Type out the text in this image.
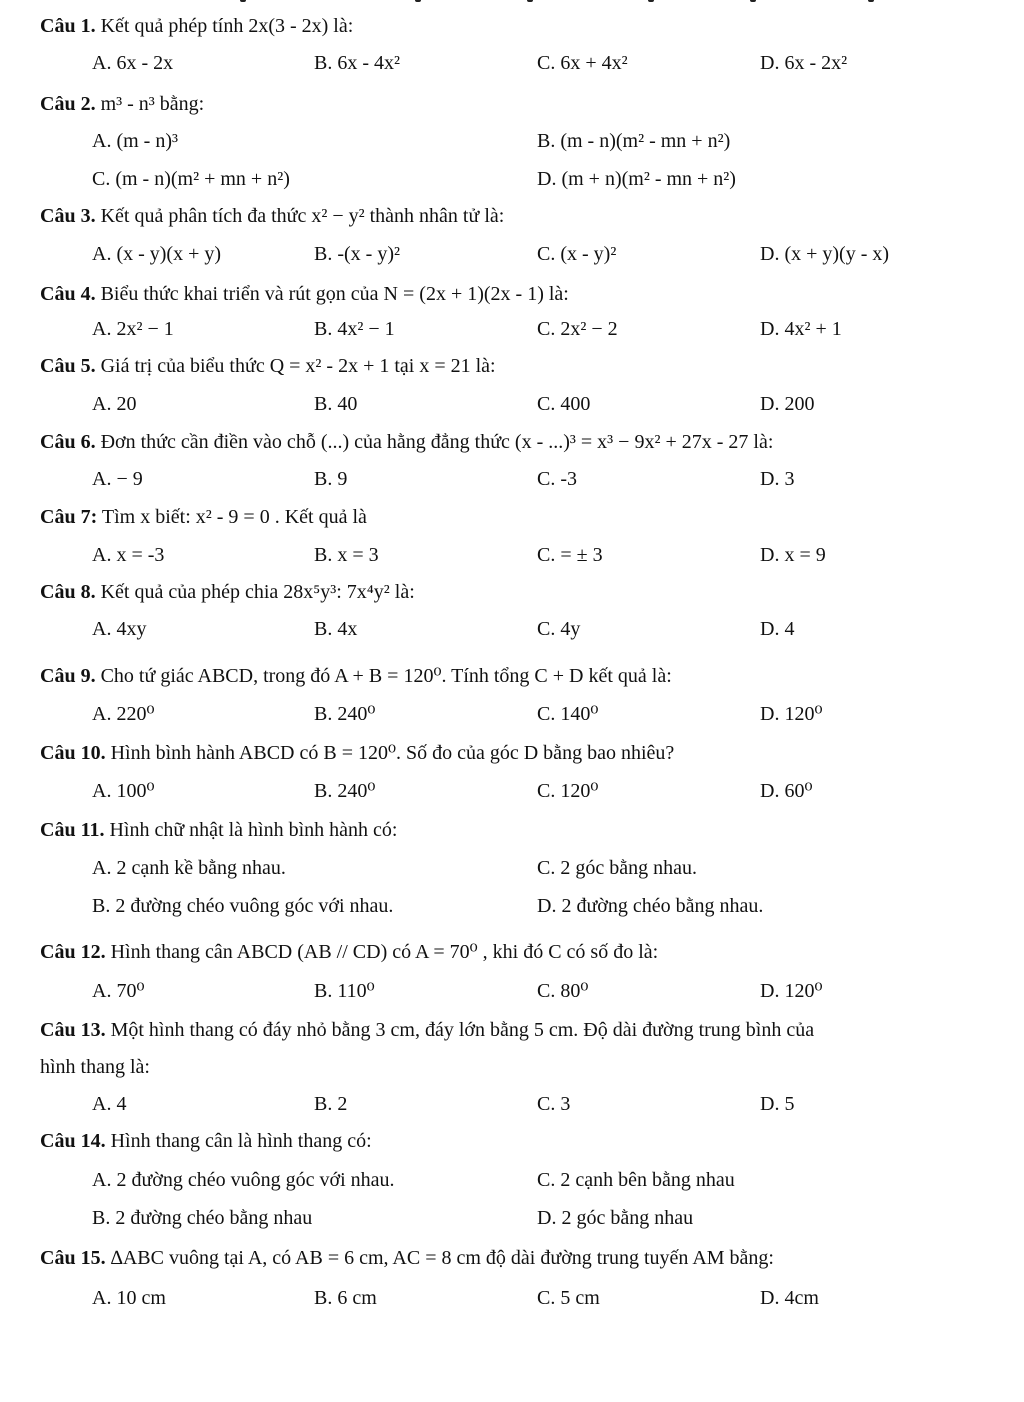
Câu 1. Kết quả phép tính 2x(3 - 2x) là:
A. 6x - 2x	B. 6x - 4x²	C. 6x + 4x²	D. 6x - 2x²
Câu 2. m³ - n³ bằng:
A. (m - n)³	B. (m - n)(m² - mn + n²)
C. (m - n)(m² + mn + n²)	D. (m + n)(m² - mn + n²)
Câu 3. Kết quả phân tích đa thức x² − y² thành nhân tử là:
A. (x - y)(x + y)	B. -(x - y)²	C. (x - y)²	D. (x + y)(y - x)
Câu 4. Biểu thức khai triển và rút gọn của N = (2x + 1)(2x - 1) là:
A. 2x² − 1	B. 4x² − 1	C. 2x² − 2	D. 4x² + 1
Câu 5. Giá trị của biểu thức Q = x² - 2x + 1 tại x = 21 là:
A. 20	B. 40	C. 400	D. 200
Câu 6. Đơn thức cần điền vào chỗ (...) của hằng đẳng thức (x - ...)³ = x³ − 9x² + 27x - 27 là:
A. − 9	B. 9	C. -3	D. 3
Câu 7: Tìm x biết: x² - 9 = 0 . Kết quả là
A. x = -3	B. x = 3	C. = ± 3	D. x = 9
Câu 8. Kết quả của phép chia 28x⁵y³: 7x⁴y² là:
A. 4xy	B. 4x	C. 4y	D. 4
Câu 9. Cho tứ giác ABCD, trong đó A + B = 120⁰. Tính tổng C + D kết quả là:
A. 220⁰	B. 240⁰	C. 140⁰	D. 120⁰
Câu 10. Hình bình hành ABCD có B = 120⁰. Số đo của góc D bằng bao nhiêu?
A. 100⁰	B. 240⁰	C. 120⁰	D. 60⁰
Câu 11. Hình chữ nhật là hình bình hành có:
A. 2 cạnh kề bằng nhau.	C. 2 góc bằng nhau.
B. 2 đường chéo vuông góc với nhau.	D. 2 đường chéo bằng nhau.
Câu 12. Hình thang cân ABCD (AB // CD) có A = 70⁰ , khi đó C có số đo là:
A. 70⁰	B. 110⁰	C. 80⁰	D. 120⁰
Câu 13. Một hình thang có đáy nhỏ bằng 3 cm, đáy lớn bằng 5 cm. Độ dài đường trung bình của
hình thang là:
A. 4	B. 2	C. 3	D. 5
Câu 14. Hình thang cân là hình thang có:
A. 2 đường chéo vuông góc với nhau.	C. 2 cạnh bên bằng nhau
B. 2 đường chéo bằng nhau	D. 2 góc bằng nhau
Câu 15. ∆ABC vuông tại A, có AB = 6 cm, AC = 8 cm độ dài đường trung tuyến AM bằng:
A. 10 cm	B. 6 cm	C. 5 cm	D. 4cm
